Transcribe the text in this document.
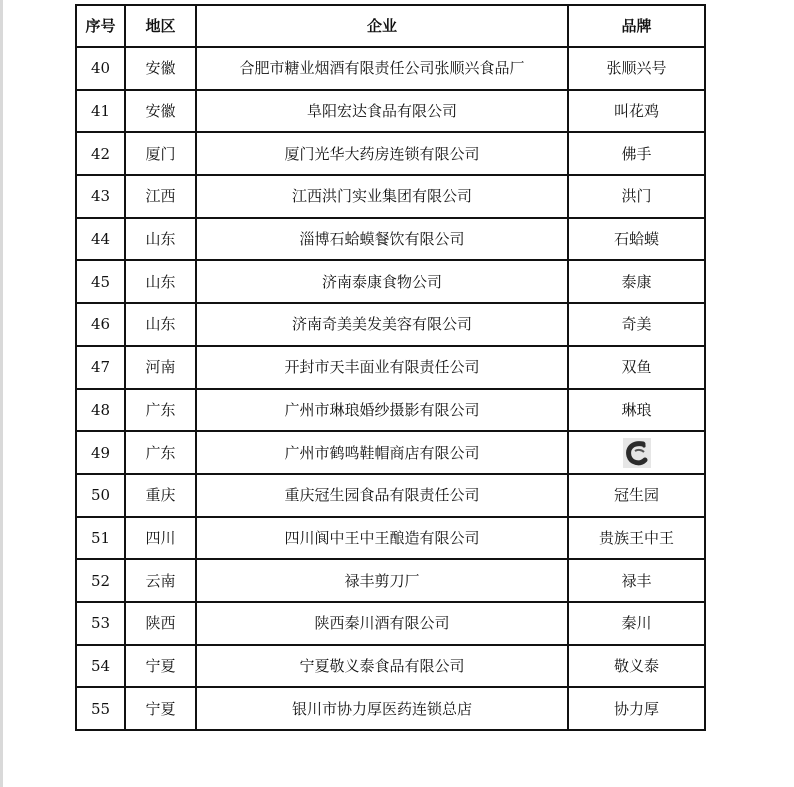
序号	地区	企业	品牌
40	安徽	合肥市糖业烟酒有限责任公司张顺兴食品厂	张顺兴号
41	安徽	阜阳宏达食品有限公司	叫花鸡
42	厦门	厦门光华大药房连锁有限公司	佛手
43	江西	江西洪门实业集团有限公司	洪门
44	山东	淄博石蛤蟆餐饮有限公司	石蛤蟆
45	山东	济南泰康食物公司	泰康
46	山东	济南奇美美发美容有限公司	奇美
47	河南	开封市天丰面业有限责任公司	双鱼
48	广东	广州市琳琅婚纱摄影有限公司	琳琅
49	广东	广州市鹤鸣鞋帽商店有限公司	

50	重庆	重庆冠生园食品有限责任公司	冠生园
51	四川	四川阆中王中王酿造有限公司	贵族王中王
52	云南	禄丰剪刀厂	禄丰
53	陕西	陕西秦川酒有限公司	秦川
54	宁夏	宁夏敬义泰食品有限公司	敬义泰
55	宁夏	银川市协力厚医药连锁总店	协力厚
